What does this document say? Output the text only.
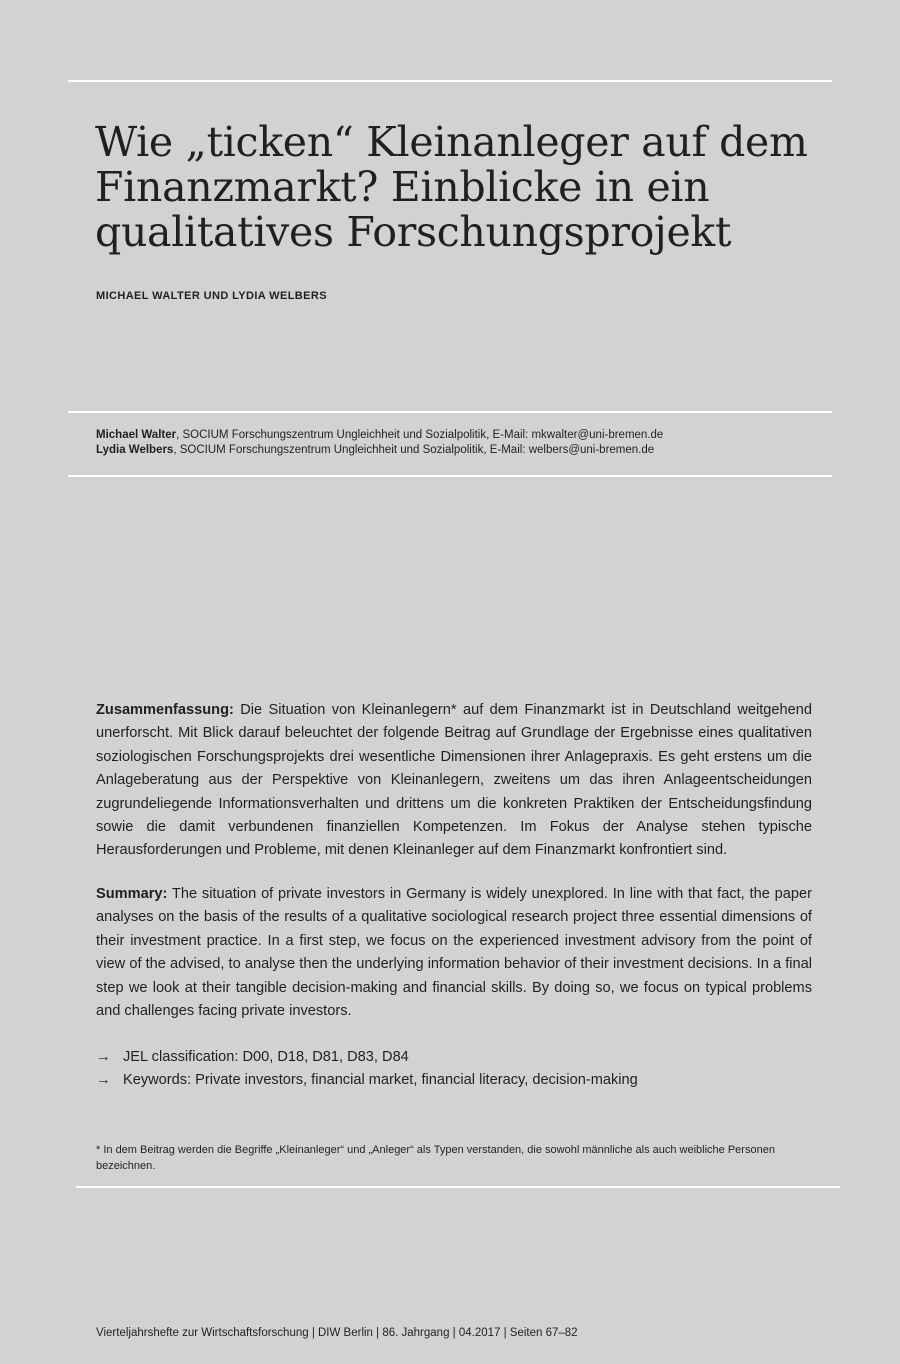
Wie „ticken“ Kleinanleger auf dem Finanzmarkt? Einblicke in ein qualitatives Forschungsprojekt

MICHAEL WALTER UND LYDIA WELBERS

Michael Walter, SOCIUM Forschungszentrum Ungleichheit und Sozialpolitik, E-Mail: mkwalter@uni-bremen.de
Lydia Welbers, SOCIUM Forschungszentrum Ungleichheit und Sozialpolitik, E-Mail: welbers@uni-bremen.de

Zusammenfassung: Die Situation von Kleinanlegern* auf dem Finanzmarkt ist in Deutschland weitgehend unerforscht. Mit Blick darauf beleuchtet der folgende Beitrag auf Grundlage der Ergebnisse eines qualitativen soziologischen Forschungsprojekts drei wesentliche Dimensionen ihrer Anlagepraxis. Es geht erstens um die Anlageberatung aus der Perspektive von Kleinanlegern, zweitens um das ihren Anlageentscheidungen zugrundeliegende Informationsverhalten und drittens um die konkreten Praktiken der Entscheidungsfindung sowie die damit verbundenen finanziellen Kompetenzen. Im Fokus der Analyse stehen typische Herausforderungen und Probleme, mit denen Kleinanleger auf dem Finanzmarkt konfrontiert sind.

Summary: The situation of private investors in Germany is widely unexplored. In line with that fact, the paper analyses on the basis of the results of a qualitative sociological research project three essential dimensions of their investment practice. In a first step, we focus on the experienced investment advisory from the point of view of the advised, to analyse then the underlying information behavior of their investment decisions. In a final step we look at their tangible decision-making and financial skills. By doing so, we focus on typical problems and challenges facing private investors.

→ JEL classification: D00, D18, D81, D83, D84
→ Keywords: Private investors, financial market, financial literacy, decision-making

* In dem Beitrag werden die Begriffe „Kleinanleger“ und „Anleger“ als Typen verstanden, die sowohl männliche als auch weibliche Personen bezeichnen.

Vierteljahrshefte zur Wirtschaftsforschung | DIW Berlin | 86. Jahrgang | 04.2017 | Seiten 67–82
